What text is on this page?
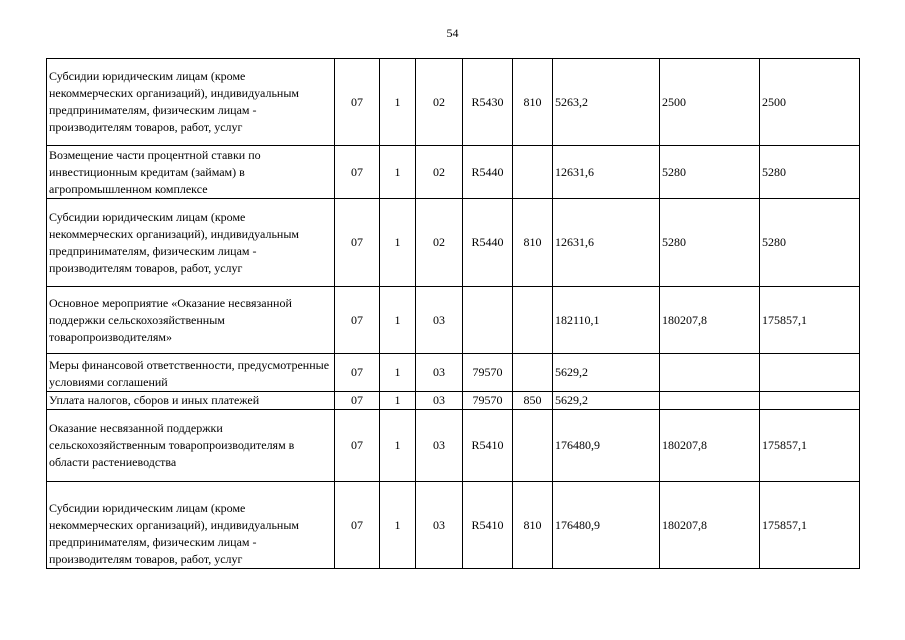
54
Субсидии юридическим лицам (кроме некоммерческих организаций), индивидуальным предпринимателям, физическим лицам - производителям товаров, работ, услуг	07	1	02	R5430	810	5263,2	2500	2500
Возмещение части процентной ставки по инвестиционным кредитам (займам) в агропромышленном комплексе	07	1	02	R5440		12631,6	5280	5280
Субсидии юридическим лицам (кроме некоммерческих организаций), индивидуальным предпринимателям, физическим лицам - производителям товаров, работ, услуг	07	1	02	R5440	810	12631,6	5280	5280
Основное мероприятие «Оказание несвязанной поддержки сельскохозяйственным товаропроизводителям»	07	1	03			182110,1	180207,8	175857,1
Меры финансовой ответственности, предусмотренные условиями соглашений	07	1	03	79570		5629,2		
Уплата налогов, сборов и иных платежей	07	1	03	79570	850	5629,2		
Оказание несвязанной поддержки сельскохозяйственным товаропроизводителям в области растениеводства	07	1	03	R5410		176480,9	180207,8	175857,1
Субсидии юридическим лицам (кроме некоммерческих организаций), индивидуальным предпринимателям, физическим лицам - производителям товаров, работ, услуг	07	1	03	R5410	810	176480,9	180207,8	175857,1
